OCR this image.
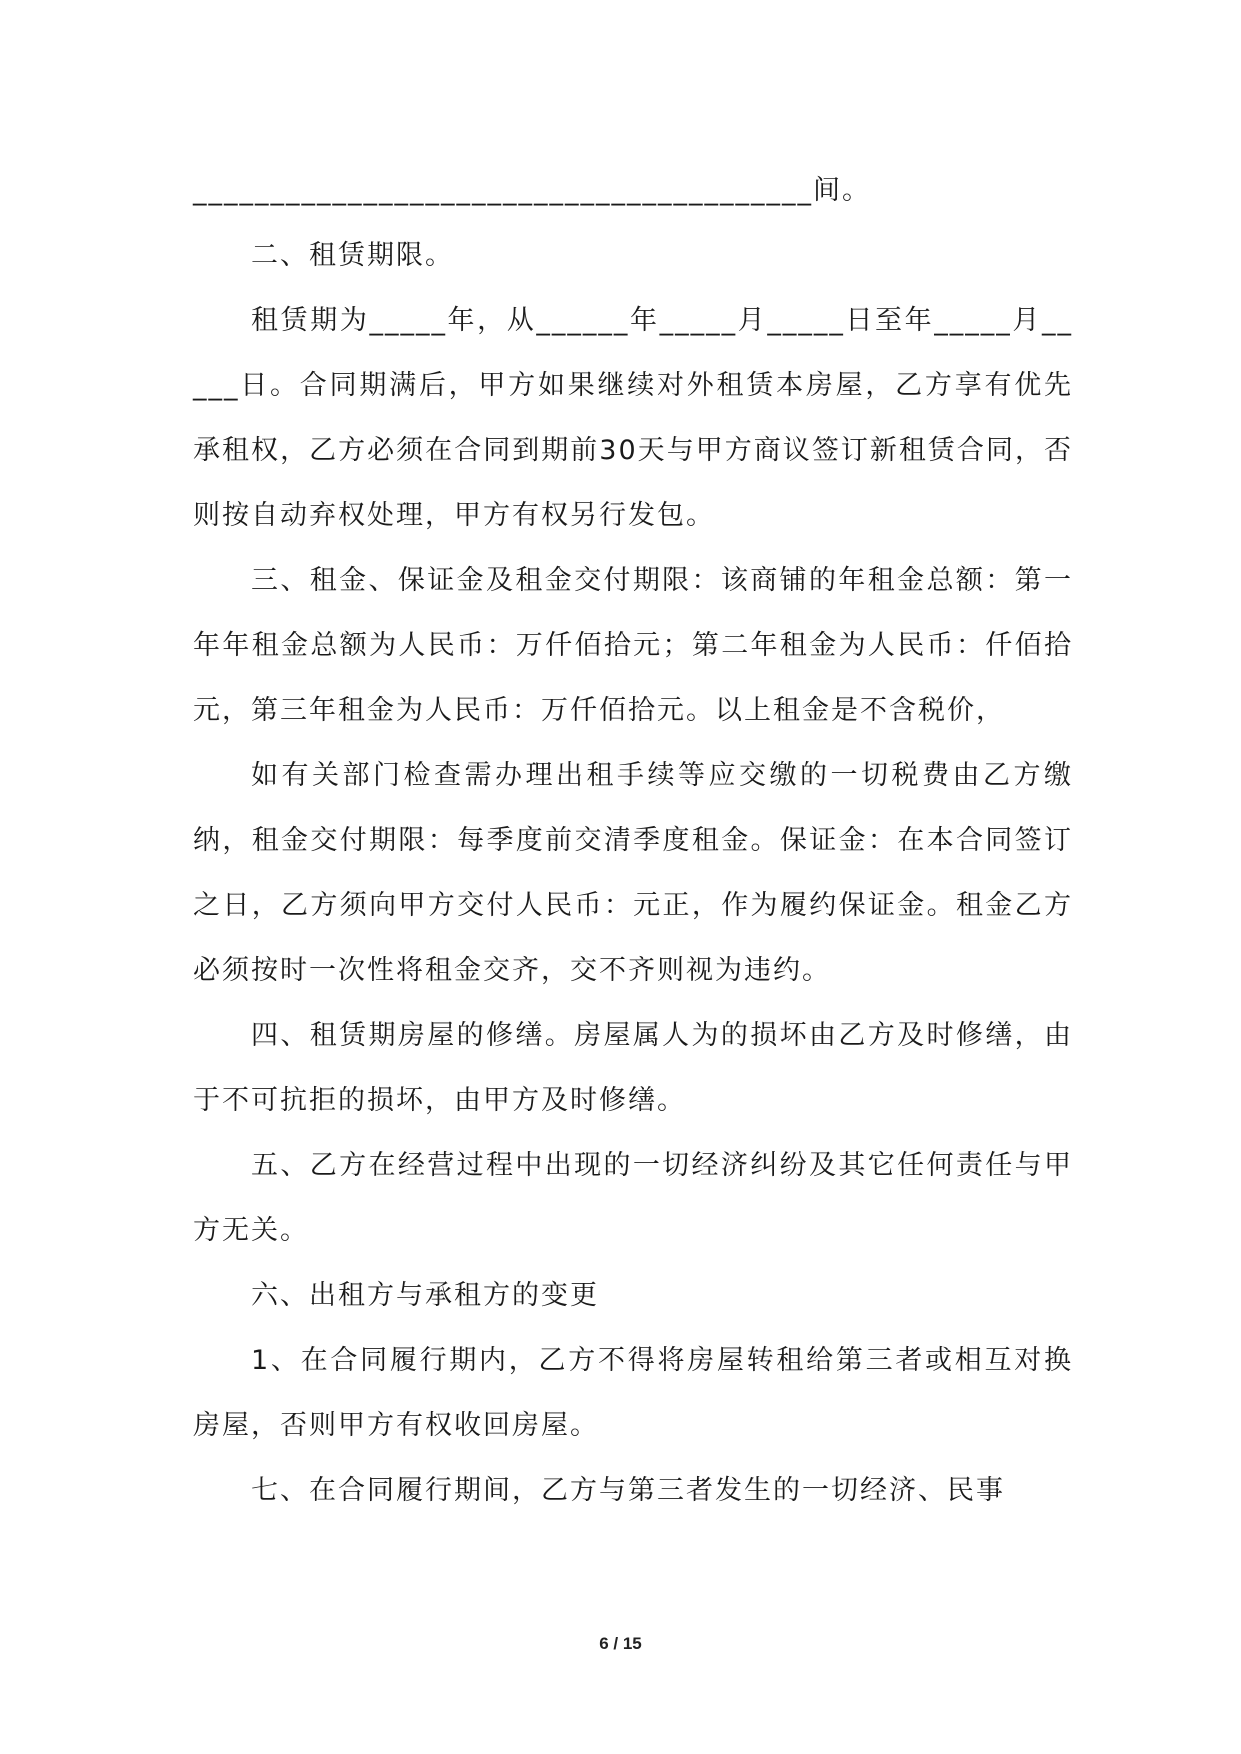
________________________________________间。

二、租赁期限。

租赁期为_____年，从______年_____月_____日至年_____月_____日。合同期满后，甲方如果继续对外租赁本房屋，乙方享有优先承租权，乙方必须在合同到期前30天与甲方商议签订新租赁合同，否则按自动弃权处理，甲方有权另行发包。

三、租金、保证金及租金交付期限：该商铺的年租金总额：第一年年租金总额为人民币：万仟佰拾元；第二年租金为人民币：仟佰拾元，第三年租金为人民币：万仟佰拾元。以上租金是不含税价，

如有关部门检查需办理出租手续等应交缴的一切税费由乙方缴纳，租金交付期限：每季度前交清季度租金。保证金：在本合同签订之日，乙方须向甲方交付人民币：元正，作为履约保证金。租金乙方必须按时一次性将租金交齐，交不齐则视为违约。

四、租赁期房屋的修缮。房屋属人为的损坏由乙方及时修缮，由于不可抗拒的损坏，由甲方及时修缮。

五、乙方在经营过程中出现的一切经济纠纷及其它任何责任与甲方无关。

六、出租方与承租方的变更

1、在合同履行期内，乙方不得将房屋转租给第三者或相互对换房屋，否则甲方有权收回房屋。

七、在合同履行期间，乙方与第三者发生的一切经济、民事

6 / 15
